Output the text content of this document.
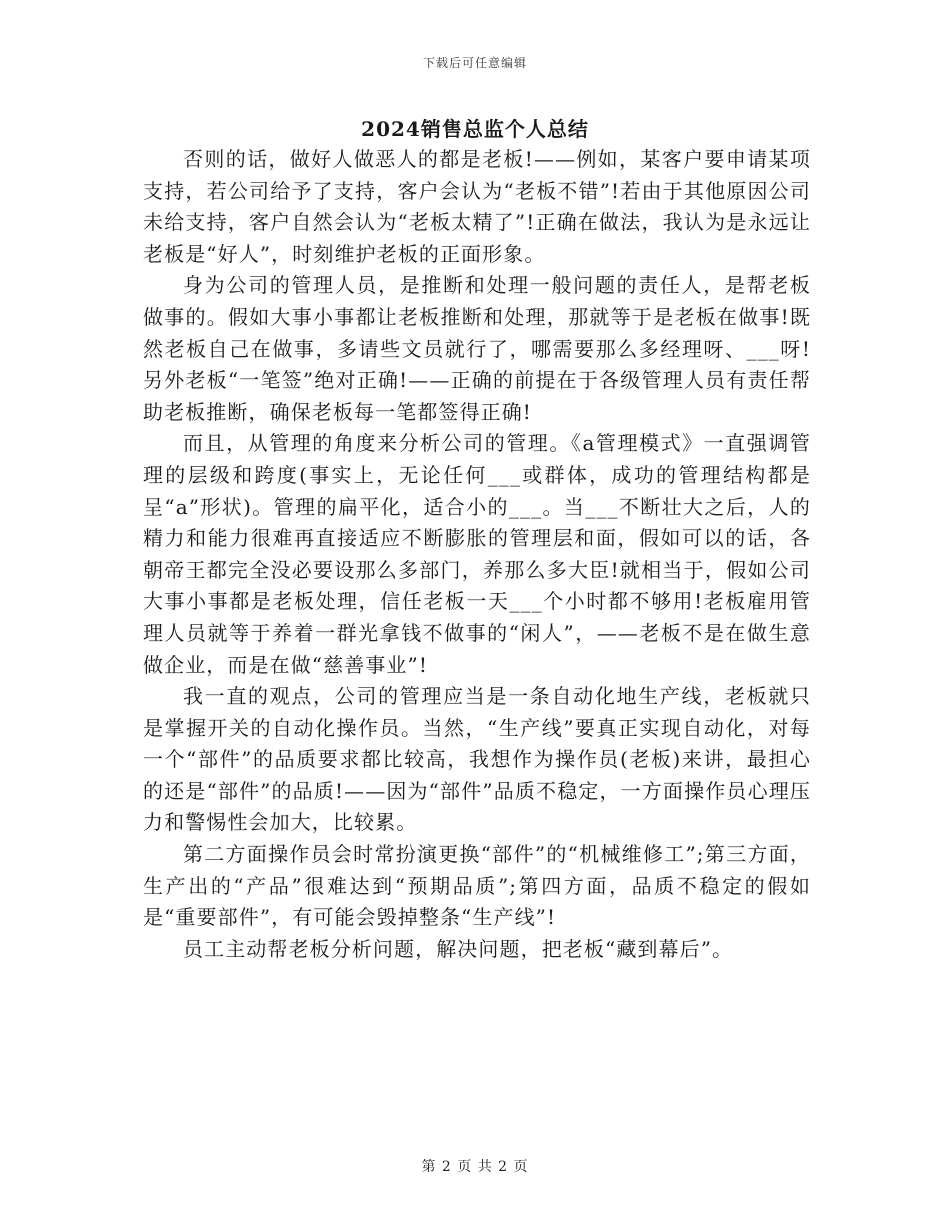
下载后可任意编辑
2024销售总监个人总结

否则的话，做好人做恶人的都是老板!——例如，某客户要申请某项支持，若公司给予了支持，客户会认为“老板不错”!若由于其他原因公司未给支持，客户自然会认为“老板太精了”!正确在做法，我认为是永远让老板是“好人”，时刻维护老板的正面形象。

身为公司的管理人员，是推断和处理一般问题的责任人，是帮老板做事的。假如大事小事都让老板推断和处理，那就等于是老板在做事!既然老板自己在做事，多请些文员就行了，哪需要那么多经理呀、___呀!另外老板“一笔签”绝对正确!——正确的前提在于各级管理人员有责任帮助老板推断，确保老板每一笔都签得正确!

而且，从管理的角度来分析公司的管理。《a管理模式》一直强调管理的层级和跨度(事实上，无论任何___或群体，成功的管理结构都是呈“a”形状)。管理的扁平化，适合小的___。当___不断壮大之后，人的精力和能力很难再直接适应不断膨胀的管理层和面，假如可以的话，各朝帝王都完全没必要设那么多部门，养那么多大臣!就相当于，假如公司大事小事都是老板处理，信任老板一天___个小时都不够用!老板雇用管理人员就等于养着一群光拿钱不做事的“闲人”，——老板不是在做生意做企业，而是在做“慈善事业”!

我一直的观点，公司的管理应当是一条自动化地生产线，老板就只是掌握开关的自动化操作员。当然，“生产线”要真正实现自动化，对每一个“部件”的品质要求都比较高，我想作为操作员(老板)来讲，最担心的还是“部件”的品质!——因为“部件”品质不稳定，一方面操作员心理压力和警惕性会加大，比较累。

第二方面操作员会时常扮演更换“部件”的“机械维修工”;第三方面，生产出的“产品”很难达到“预期品质”;第四方面，品质不稳定的假如是“重要部件”，有可能会毁掉整条“生产线”!

员工主动帮老板分析问题，解决问题，把老板“藏到幕后”。

第 2 页 共 2 页
